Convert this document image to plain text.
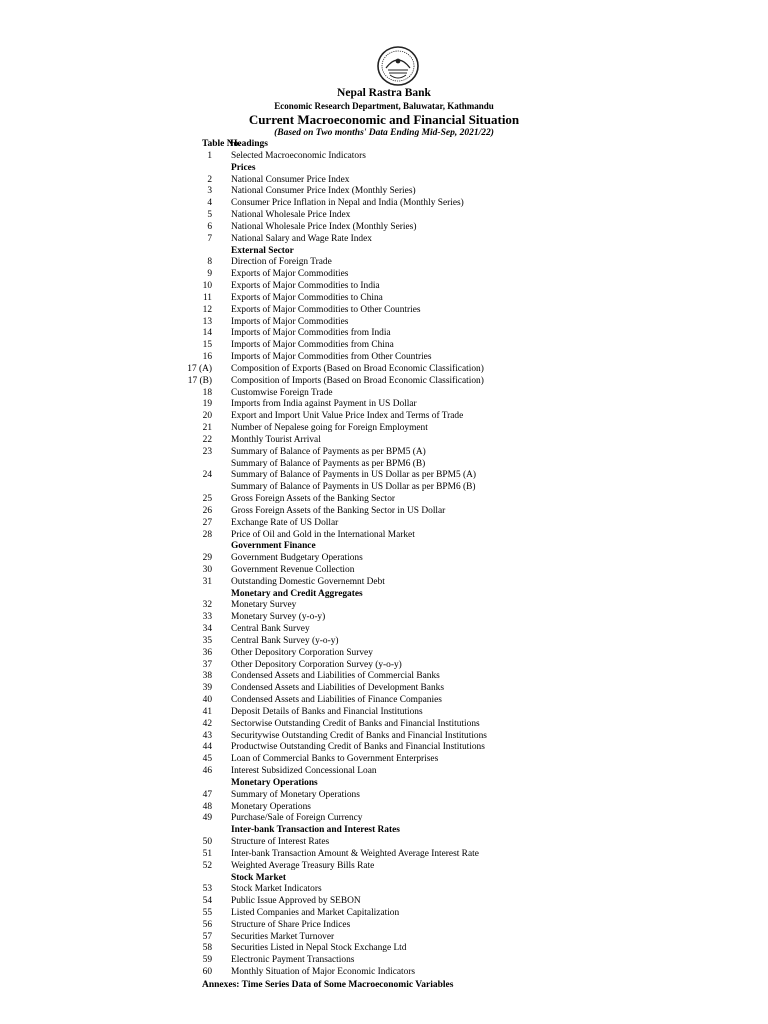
Nepal Rastra Bank
Economic Research Department, Baluwatar, Kathmandu
Current Macroeconomic and Financial Situation
(Based on Two months' Data Ending Mid-Sep, 2021/22)
Table No.Headings
1 Selected Macroeconomic Indicators
Prices
2 National Consumer Price Index
3 National Consumer Price Index (Monthly Series)
4 Consumer Price Inflation in Nepal and India (Monthly Series)
5 National Wholesale Price Index
6 National Wholesale Price Index (Monthly Series)
7 National Salary and Wage Rate Index
External Sector
8 Direction of Foreign Trade
9 Exports of Major Commodities
10 Exports of Major Commodities to India
11 Exports of Major Commodities to China
12 Exports of Major Commodities to Other Countries
13 Imports of Major Commodities
14 Imports of Major Commodities from India
15 Imports of Major Commodities from China
16 Imports of Major Commodities from Other Countries
17 (A) Composition of Exports (Based on Broad Economic Classification)
17 (B) Composition of Imports (Based on Broad Economic Classification)
18 Customwise Foreign Trade
19 Imports from India against Payment in US Dollar
20 Export and Import Unit Value Price Index and Terms of Trade
21 Number of Nepalese going for Foreign Employment
22 Monthly Tourist Arrival
23 Summary of Balance of Payments as per BPM5 (A)
Summary of Balance of Payments as per BPM6 (B)
24 Summary of Balance of Payments in US Dollar as per BPM5 (A)
Summary of Balance of Payments in US Dollar as per BPM6 (B)
25 Gross Foreign Assets of the Banking Sector
26 Gross Foreign Assets of the Banking Sector in US Dollar
27 Exchange Rate of US Dollar
28 Price of Oil and Gold in the International Market
Government Finance
29 Government Budgetary Operations
30 Government Revenue Collection
31 Outstanding Domestic Governemnt Debt
Monetary and Credit Aggregates
32 Monetary Survey
33 Monetary Survey (y-o-y)
34 Central Bank Survey
35 Central Bank Survey (y-o-y)
36 Other Depository Corporation Survey
37 Other Depository Corporation Survey (y-o-y)
38 Condensed Assets and Liabilities of Commercial Banks
39 Condensed Assets and Liabilities of Development Banks
40 Condensed Assets and Liabilities of Finance Companies
41 Deposit Details of Banks and Financial Institutions
42 Sectorwise Outstanding Credit of Banks and Financial Institutions
43 Securitywise Outstanding Credit of Banks and Financial Institutions
44 Productwise Outstanding Credit of Banks and Financial Institutions
45 Loan of Commercial Banks to Government Enterprises
46 Interest Subsidized Concessional Loan
Monetary Operations
47 Summary of Monetary Operations
48 Monetary Operations
49 Purchase/Sale of Foreign Currency
Inter-bank Transaction and Interest Rates
50 Structure of Interest Rates
51 Inter-bank Transaction Amount & Weighted Average Interest Rate
52 Weighted Average Treasury Bills Rate
Stock Market
53 Stock Market Indicators
54 Public Issue Approved by SEBON
55 Listed Companies and Market Capitalization
56 Structure of Share Price Indices
57 Securities Market Turnover
58 Securities Listed in Nepal Stock Exchange Ltd
59 Electronic Payment Transactions
60 Monthly Situation of Major Economic Indicators
Annexes: Time Series Data of Some Macroeconomic Variables
